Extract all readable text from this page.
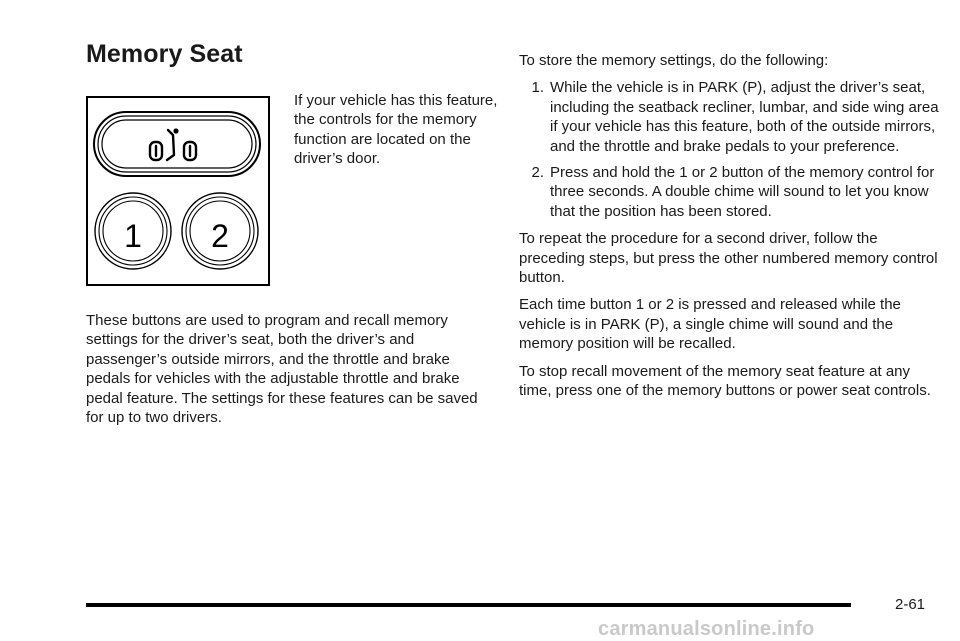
Memory Seat
1 2

If your vehicle has this feature, the controls for the memory function are located on the driver’s door.

These buttons are used to program and recall memory settings for the driver’s seat, both the driver’s and passenger’s outside mirrors, and the throttle and brake pedals for vehicles with the adjustable throttle and brake pedal feature. The settings for these features can be saved for up to two drivers.

To store the memory settings, do the following:

1. While the vehicle is in PARK (P), adjust the driver’s seat, including the seatback recliner, lumbar, and side wing area if your vehicle has this feature, both of the outside mirrors, and the throttle and brake pedals to your preference.
2. Press and hold the 1 or 2 button of the memory control for three seconds. A double chime will sound to let you know that the position has been stored.

To repeat the procedure for a second driver, follow the preceding steps, but press the other numbered memory control button.

Each time button 1 or 2 is pressed and released while the vehicle is in PARK (P), a single chime will sound and the memory position will be recalled.

To stop recall movement of the memory seat feature at any time, press one of the memory buttons or power seat controls.

2-61

carmanualsonline.info
